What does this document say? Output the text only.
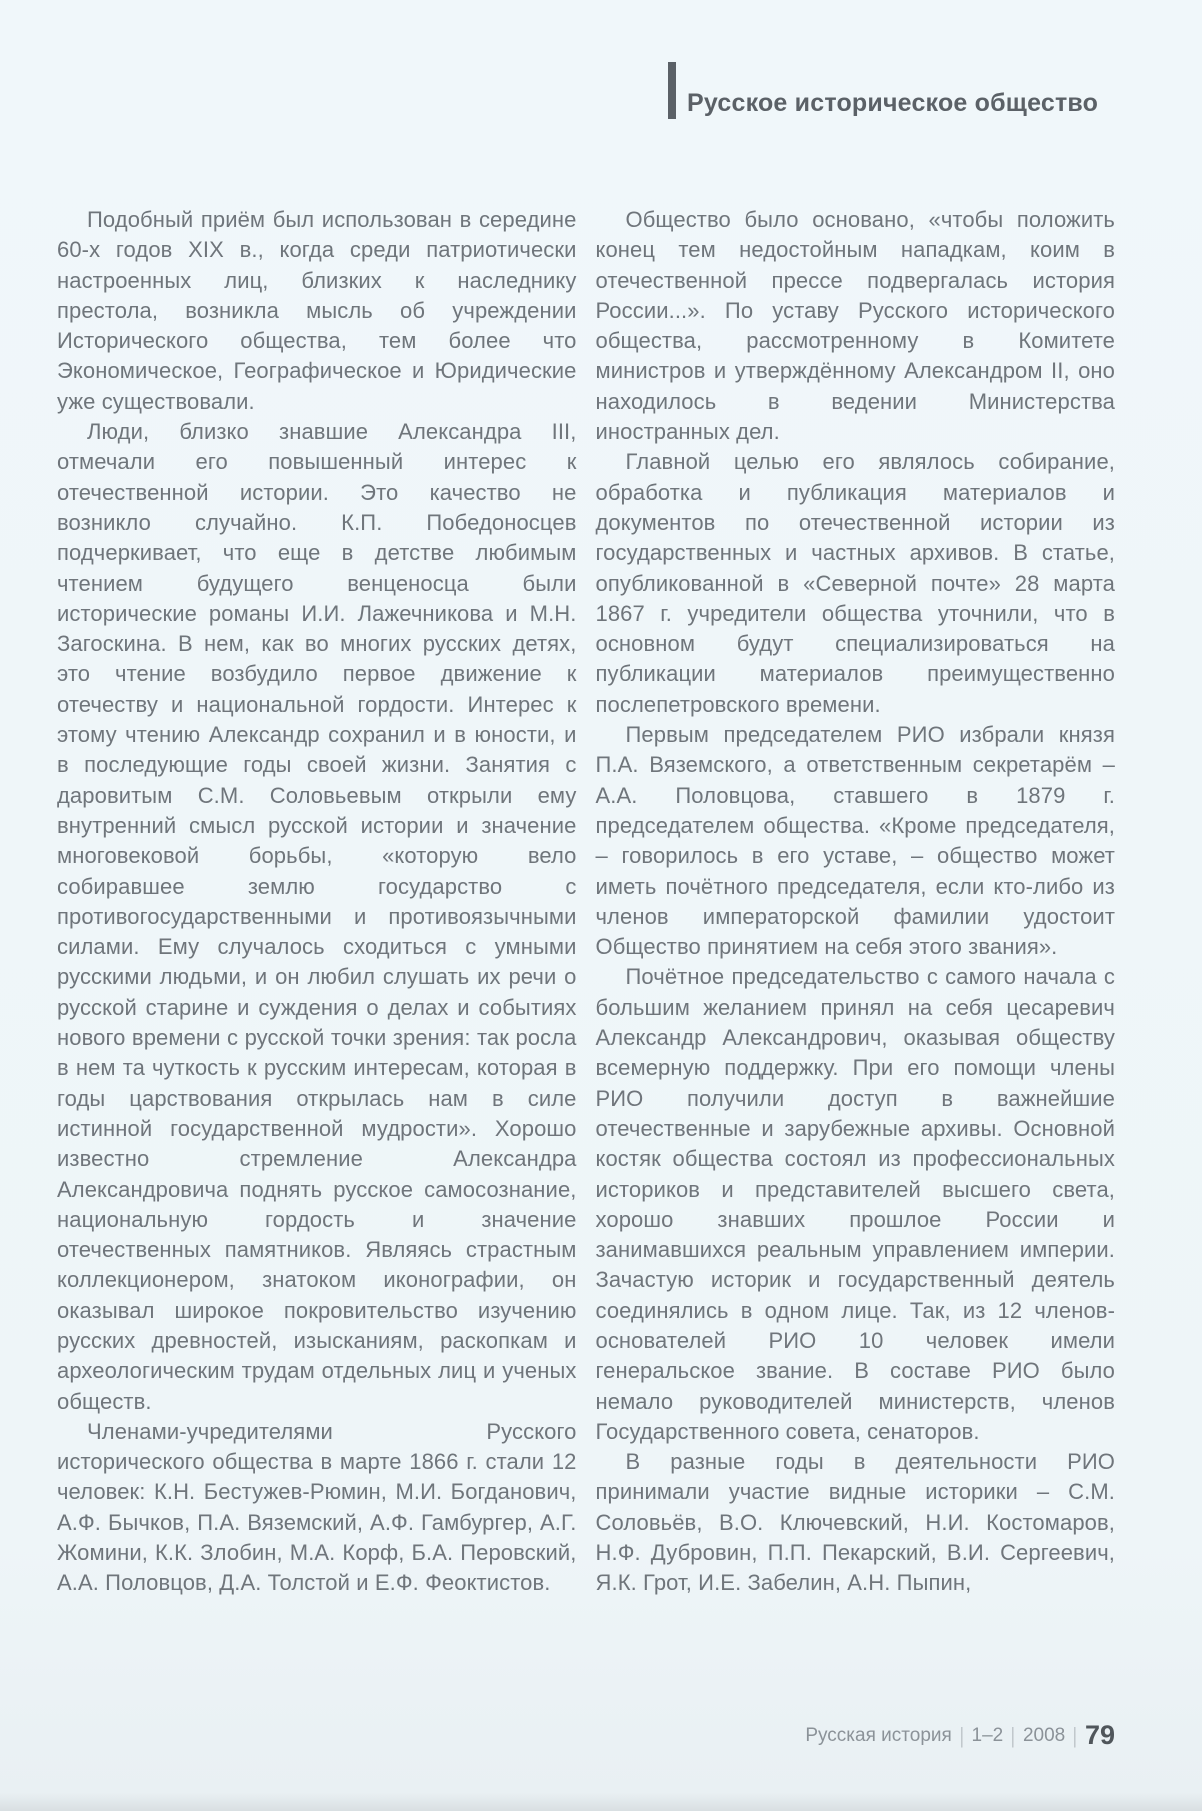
Русское историческое общество

Подобный приём был использован в середине 60-х годов XIX в., когда среди патриотически настроенных лиц, близких к наследнику престола, возникла мысль об учреждении Исторического общества, тем более что Экономическое, Географическое и Юридические уже существовали.

Люди, близко знавшие Александра III, отмечали его повышенный интерес к отечественной истории. Это качество не возникло случайно. К.П. Победоносцев подчеркивает, что еще в детстве любимым чтением будущего венценосца были исторические романы И.И. Лажечникова и М.Н. Загоскина. В нем, как во многих русских детях, это чтение возбудило первое движение к отечеству и национальной гордости. Интерес к этому чтению Александр сохранил и в юности, и в последующие годы своей жизни. Занятия с даровитым С.М. Соловьевым открыли ему внутренний смысл русской истории и значение многовековой борьбы, «которую вело собиравшее землю государство с противогосударственными и противоязычными силами. Ему случалось сходиться с умными русскими людьми, и он любил слушать их речи о русской старине и суждения о делах и событиях нового времени с русской точки зрения: так росла в нем та чуткость к русским интересам, которая в годы царствования открылась нам в силе истинной государственной мудрости». Хорошо известно стремление Александра Александровича поднять русское самосознание, национальную гордость и значение отечественных памятников. Являясь страстным коллекционером, знатоком иконографии, он оказывал широкое покровительство изучению русских древностей, изысканиям, раскопкам и археологическим трудам отдельных лиц и ученых обществ.

Членами-учредителями Русского исторического общества в марте 1866 г. стали 12 человек: К.Н. Бестужев-Рюмин, М.И. Богданович, А.Ф. Бычков, П.А. Вяземский, А.Ф. Гамбургер, А.Г. Жомини, К.К. Злобин, М.А. Корф, Б.А. Перовский, А.А. Половцов, Д.А. Толстой и Е.Ф. Феоктистов.

Общество было основано, «чтобы положить конец тем недостойным нападкам, коим в отечественной прессе подвергалась история России...». По уставу Русского исторического общества, рассмотренному в Комитете министров и утверждённому Александром II, оно находилось в ведении Министерства иностранных дел.

Главной целью его являлось собирание, обработка и публикация материалов и документов по отечественной истории из государственных и частных архивов. В статье, опубликованной в «Северной почте» 28 марта 1867 г. учредители общества уточнили, что в основном будут специализироваться на публикации материалов преимущественно послепетровского времени.

Первым председателем РИО избрали князя П.А. Вяземского, а ответственным секретарём – А.А. Половцова, ставшего в 1879 г. председателем общества. «Кроме председателя, – говорилось в его уставе, – общество может иметь почётного председателя, если кто-либо из членов императорской фамилии удостоит Общество принятием на себя этого звания».

Почётное председательство с самого начала с большим желанием принял на себя цесаревич Александр Александрович, оказывая обществу всемерную поддержку. При его помощи члены РИО получили доступ в важнейшие отечественные и зарубежные архивы. Основной костяк общества состоял из профессиональных историков и представителей высшего света, хорошо знавших прошлое России и занимавшихся реальным управлением империи. Зачастую историк и государственный деятель соединялись в одном лице. Так, из 12 членов-основателей РИО 10 человек имели генеральское звание. В составе РИО было немало руководителей министерств, членов Государственного совета, сенаторов.

В разные годы в деятельности РИО принимали участие видные историки – С.М. Соловьёв, В.О. Ключевский, Н.И. Костомаров, Н.Ф. Дубровин, П.П. Пекарский, В.И. Сергеевич, Я.К. Грот, И.Е. Забелин, А.Н. Пыпин,

Русская история | 1–2 | 2008 | 79
